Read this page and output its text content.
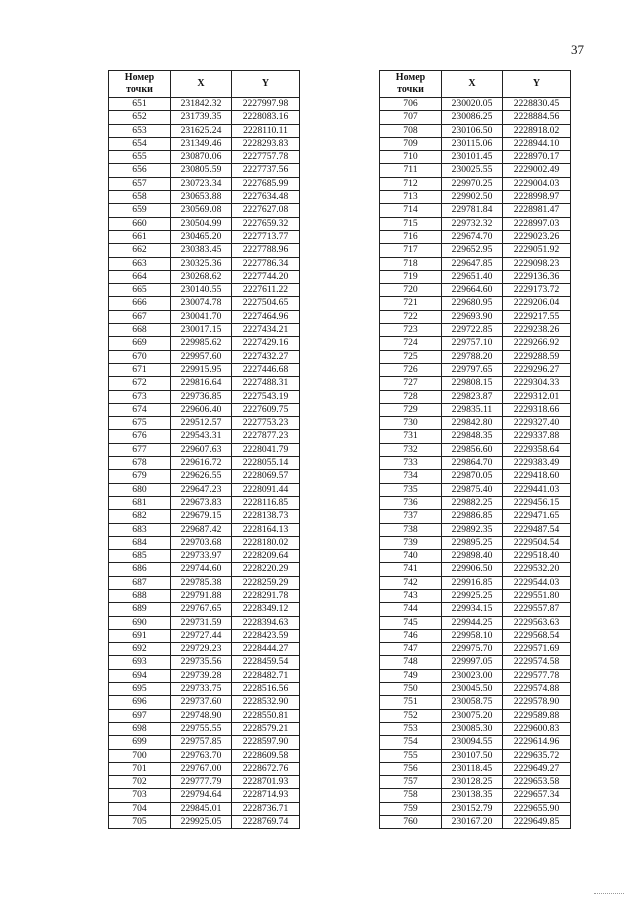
37
Номер
точки	X	Y
651	231842.32	2227997.98
652	231739.35	2228083.16
653	231625.24	2228110.11
654	231349.46	2228293.83
655	230870.06	2227757.78
656	230805.59	2227737.56
657	230723.34	2227685.99
658	230653.88	2227634.48
659	230569.08	2227627.08
660	230504.99	2227659.32
661	230465.20	2227713.77
662	230383.45	2227788.96
663	230325.36	2227786.34
664	230268.62	2227744.20
665	230140.55	2227611.22
666	230074.78	2227504.65
667	230041.70	2227464.96
668	230017.15	2227434.21
669	229985.62	2227429.16
670	229957.60	2227432.27
671	229915.95	2227446.68
672	229816.64	2227488.31
673	229736.85	2227543.19
674	229606.40	2227609.75
675	229512.57	2227753.23
676	229543.31	2227877.23
677	229607.63	2228041.79
678	229616.72	2228055.14
679	229626.55	2228069.57
680	229647.23	2228091.44
681	229673.83	2228116.85
682	229679.15	2228138.73
683	229687.42	2228164.13
684	229703.68	2228180.02
685	229733.97	2228209.64
686	229744.60	2228220.29
687	229785.38	2228259.29
688	229791.88	2228291.78
689	229767.65	2228349.12
690	229731.59	2228394.63
691	229727.44	2228423.59
692	229729.23	2228444.27
693	229735.56	2228459.54
694	229739.28	2228482.71
695	229733.75	2228516.56
696	229737.60	2228532.90
697	229748.90	2228550.81
698	229755.55	2228579.21
699	229757.85	2228597.90
700	229763.70	2228609.58
701	229767.00	2228672.76
702	229777.79	2228701.93
703	229794.64	2228714.93
704	229845.01	2228736.71
705	229925.05	2228769.74
Номер
точки	X	Y
706	230020.05	2228830.45
707	230086.25	2228884.56
708	230106.50	2228918.02
709	230115.06	2228944.10
710	230101.45	2228970.17
711	230025.55	2229002.49
712	229970.25	2229004.03
713	229902.50	2228998.97
714	229781.84	2228981.47
715	229732.32	2228997.03
716	229674.70	2229023.26
717	229652.95	2229051.92
718	229647.85	2229098.23
719	229651.40	2229136.36
720	229664.60	2229173.72
721	229680.95	2229206.04
722	229693.90	2229217.55
723	229722.85	2229238.26
724	229757.10	2229266.92
725	229788.20	2229288.59
726	229797.65	2229296.27
727	229808.15	2229304.33
728	229823.87	2229312.01
729	229835.11	2229318.66
730	229842.80	2229327.40
731	229848.35	2229337.88
732	229856.60	2229358.64
733	229864.70	2229383.49
734	229870.05	2229418.60
735	229875.40	2229441.03
736	229882.25	2229456.15
737	229886.85	2229471.65
738	229892.35	2229487.54
739	229895.25	2229504.54
740	229898.40	2229518.40
741	229906.50	2229532.20
742	229916.85	2229544.03
743	229925.25	2229551.80
744	229934.15	2229557.87
745	229944.25	2229563.63
746	229958.10	2229568.54
747	229975.70	2229571.69
748	229997.05	2229574.58
749	230023.00	2229577.78
750	230045.50	2229574.88
751	230058.75	2229578.90
752	230075.20	2229589.88
753	230085.30	2229600.83
754	230094.55	2229614.96
755	230107.50	2229635.72
756	230118.45	2229649.27
757	230128.25	2229653.58
758	230138.35	2229657.34
759	230152.79	2229655.90
760	230167.20	2229649.85
